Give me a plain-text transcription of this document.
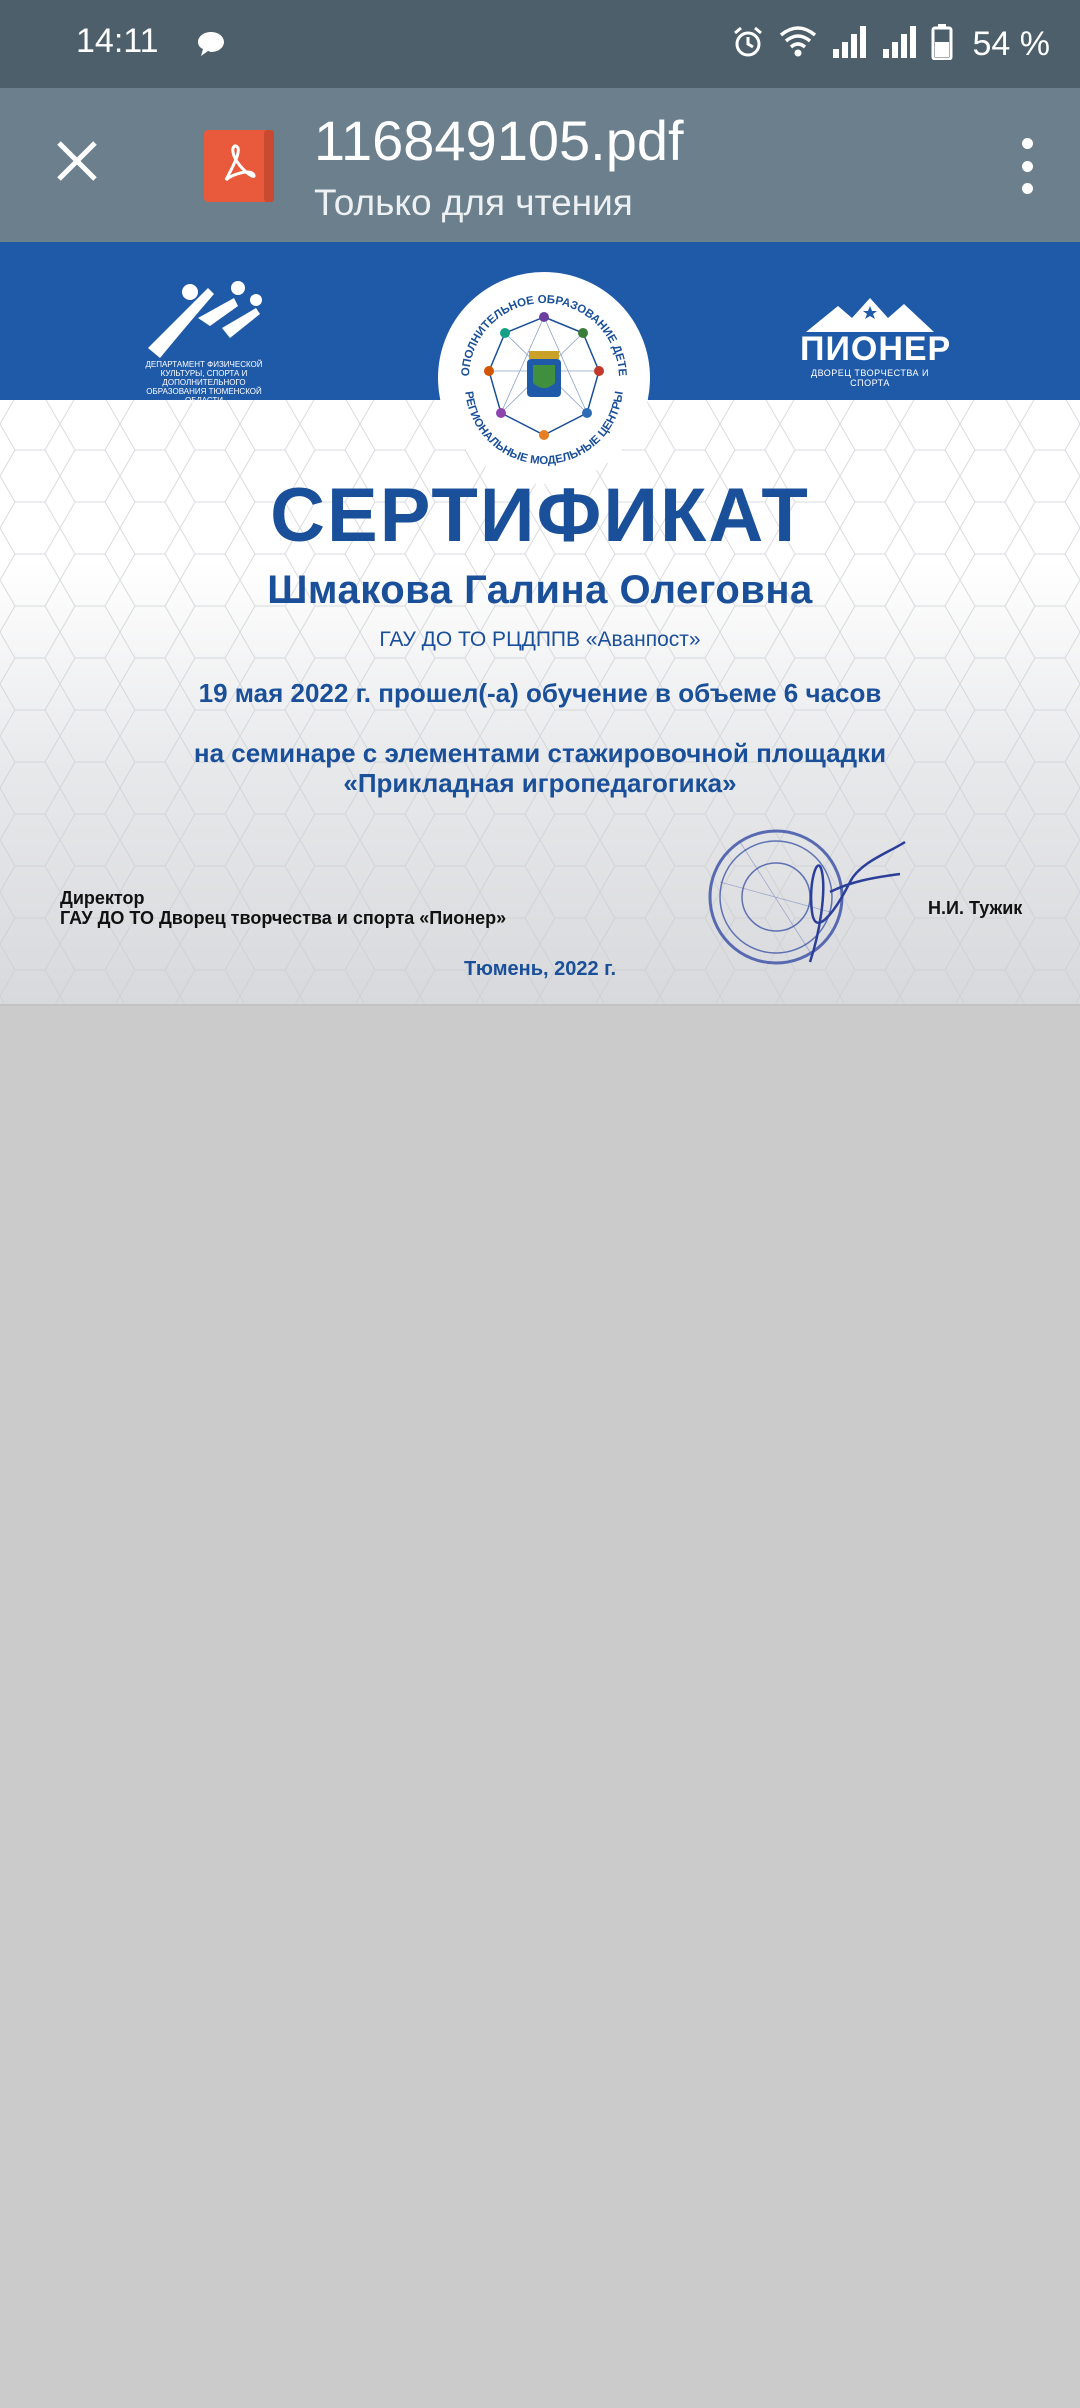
14:11	54 %
116849105.pdf
Только для чтения
ДЕПАРТАМЕНТ ФИЗИЧЕСКОЙ КУЛЬТУРЫ, СПОРТА И ДОПОЛНИТЕЛЬНОГО ОБРАЗОВАНИЯ ТЮМЕНСКОЙ ОБЛАСТИ
ОПОЛНИТЕЛЬНОЕ ОБРАЗОВАНИЕ ДЕТЕ
РЕГИОНАЛЬНЫЕ МОДЕЛЬНЫЕ ЦЕНТРЫ
ПИОНЕР
ДВОРЕЦ ТВОРЧЕСТВА И СПОРТА
СЕРТИФИКАТ
Шмакова Галина Олеговна
ГАУ ДО ТО РЦДППВ «Аванпост»
19 мая 2022 г. прошел(-а) обучение в объеме 6 часов
на семинаре с элементами стажировочной площадки
«Прикладная игропедагогика»
Директор
ГАУ ДО ТО Дворец творчества и спорта «Пионер»	Н.И. Тужик
Тюмень, 2022 г.
